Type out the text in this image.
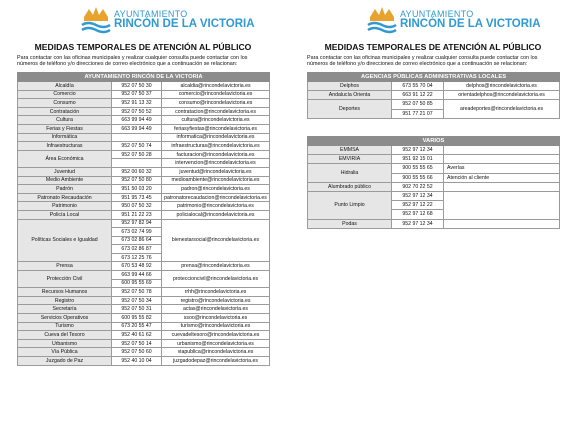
AYUNTAMIENTO
RINCÓN DE LA VICTORIA
MEDIDAS TEMPORALES DE ATENCIÓN AL PÚBLICO
Para contactar con las oficinas municipales y realizar cualquier consulta puede contactar con los números de teléfono y/o direcciones de correo electrónico que a continuación se relacionan:
AYUNTAMIENTO RINCÓN DE LA VICTORIA		
Alcaldía	952 07 50 30	alcaldia@rincondelavictoria.es
Comercio	952 07 50 37	comercio@rincondelavictoria.es
Consumo	952 91 13 32	consumo@rincondelavictoria.es
Contratación	952 07 50 52	contratacion@rincondelavictoria.es
Cultura	663 99 94 49	cultura@rincondelavictoria.es
Ferias y Fiestas	663 99 94 49	feriasyfiestas@rincondelavictoria.es
Informática		informatica@rincondelavictoria.es
Infraestructuras	952 07 50 74	infraestructuras@rincondelavictoria.es
Área Económica	952 07 50 28	facturacion@rincondelavictoria.es
		intervencion@rincondelavictoria.es
Juventud	952 00 60 32	juventud@rincondelavictoria.es
Medio Ambiente	952 07 50 80	medioambiente@rincondelavictoria.es
Padrón	951 50 03 20	padron@rincondelavictoria.es
Patronato Recaudación	951 95 73 45	patronatorecaudacion@rincondelavictoria.es
Patrimonio	950 07 50 32	patrimonio@rincondelavictoria.es
Policía Local	951 21 22 23	policialocal@rincondelavictoria.es
Políticas Sociales e Igualdad	952 97 82 94	bienestarsocial@rincondelavictoria.es
	673 02 74 99	
	673 02 86 64	
	673 02 86 87	
	673 12 25 76	
Prensa	670 53 48 92	prensa@rincondelavictoria.es
Protección Civil	663 99 44 66	proteccioncivil@rincondelavictoria.es
	600 95 55 69	
Recursos Humanos	952 07 50 78	rrhh@rincondelavictoria.es
Registro	952 07 50 34	registro@rincondelavictoria.es
Secretaría	952 07 50 31	actas@rincondelavictoria.es
Servicios Operativos	600 95 55 82	ssoo@rincondelavictoria.es
Turismo	673 20 55 47	turismo@rincondelavictoria.es
Cueva del Tesoro	952 40 61 62	cuevadeltesoro@rincondelavictoria.es
Urbanismo	952 07 50 14	urbanismo@rincondelavictoria.es
Vía Pública	952 07 50 60	viapublica@rincondelavictoria.es
Juzgado de Paz	952 40 10 04	juzgadodepaz@rincondelavictoria.es
AYUNTAMIENTO
RINCÓN DE LA VICTORIA
MEDIDAS TEMPORALES DE ATENCIÓN AL PÚBLICO
Para contactar con las oficinas municipales y realizar cualquier consulta puede contactar con los números de teléfono y/o direcciones de correo electrónico que a continuación se relacionan:
AGENCIAS PÚBLICAS ADMINISTRATIVAS LOCALES		
Delphos	673 55 70 04	delphos@rincondelavictoria.es
Andalucía Orienta	663 91 12 22	orientadelphos@rincondelavictoria.es
Deportes	952 07 50 85	areadeportes@rincondelavictoria.es
	951 77 21 07	
VARIOS		
EMMSA	952 97 12 34	
EMVIRIA	951 92 15 01	
Hidralia	900 55 55 65	Averías
	900 55 55 66	Atención al cliente
Alumbrado público	902 70 22 52	
Punto Limpio	952 97 12 34	
	952 97 12 22	
	952 97 12 68	
Podas	952 97 12 34	
